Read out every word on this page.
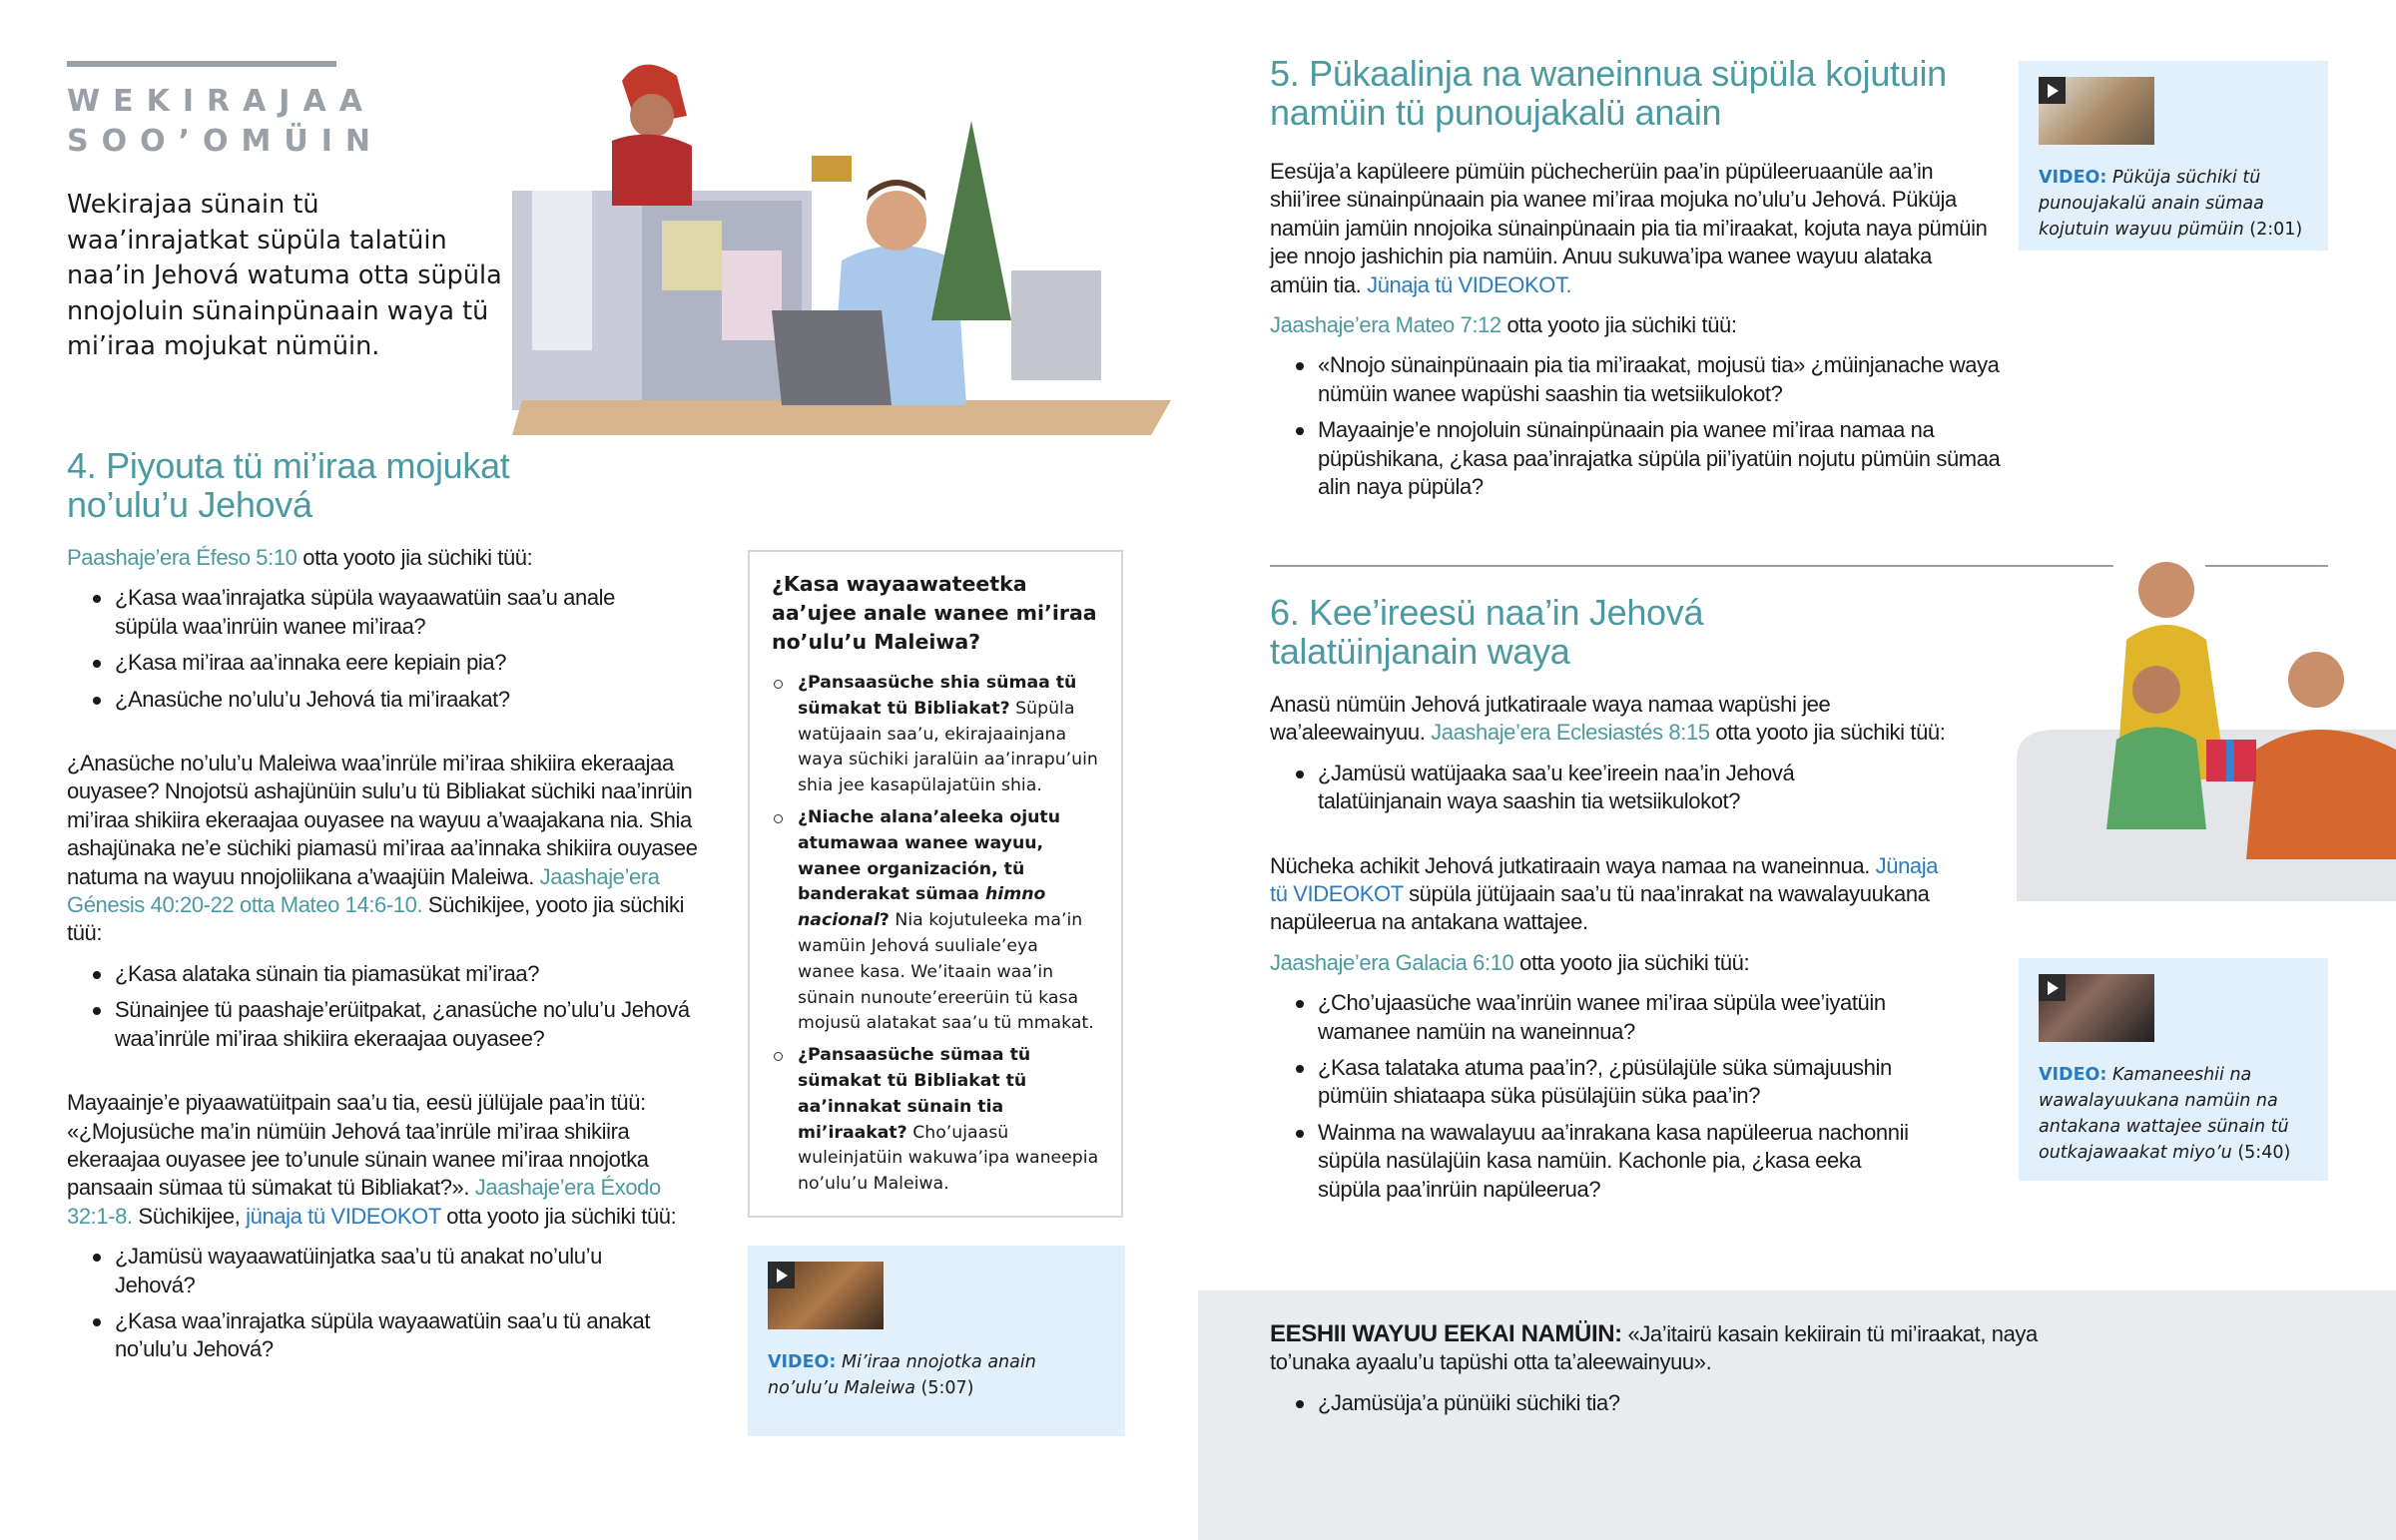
WEKIRAJAA
SOO’OMÜIN
Wekirajaa sünain tü waa’inrajatkat süpüla talatüin naa’in Jehová watuma otta süpüla nnojoluin sünainpünaain waya tü mi’iraa mojukat nümüin.
4. Piyouta tü mi’iraa mojukat no’ulu’u Jehová

Paashaje’era Éfeso 5:10 otta yooto jia süchiki tüü:

¿Kasa waa’inrajatka süpüla wayaawatüin saa’u anale süpüla waa’inrüin wanee mi’iraa?
¿Kasa mi’iraa aa’innaka eere kepiain pia?
¿Anasüche no’ulu’u Jehová tia mi’iraakat?

¿Anasüche no’ulu’u Maleiwa waa’inrüle mi’iraa shikiira ekeraajaa ouyasee? Nnojotsü ashajünüin sulu’u tü Bibliakat süchiki naa’inrüin mi’iraa shikiira ekeraajaa ouyasee na wayuu a’waajakana nia. Shia ashajünaka ne’e süchiki piamasü mi’iraa aa’innaka shikiira ouyasee natuma na wayuu nnojoliikana a’waajüin Maleiwa. Jaashaje’era Génesis 40:20-22 otta Mateo 14:6-10. Süchikijee, yooto jia süchiki tüü:

¿Kasa alataka sünain tia piamasükat mi’iraa?
Sünainjee tü paashaje’erüitpakat, ¿anasüche no’ulu’u Jehová waa’inrüle mi’iraa shikiira ekeraajaa ouyasee?

Mayaainje’e piyaawatüitpain saa’u tia, eesü jülüjale paa’in tüü: «¿Mojusüche ma’in nümüin Jehová taa’inrüle mi’iraa shikiira ekeraajaa ouyasee jee to’unule sünain wanee mi’iraa nnojotka pansaain sümaa tü sümakat tü Bibliakat?». Jaashaje’era Éxodo 32:1-8. Süchikijee, jünaja tü VIDEOKOT otta yooto jia süchiki tüü:

¿Jamüsü wayaawatüinjatka saa’u tü anakat no’ulu’u Jehová?
¿Kasa waa’inrajatka süpüla wayaawatüin saa’u tü anakat no’ulu’u Jehová?
¿Kasa wayaawateetka aa’ujee anale wanee mi’iraa no’ulu’u Maleiwa?
¿Pansaasüche shia sümaa tü sümakat tü Bibliakat? Süpüla watüjaain saa’u, ekirajaainjana waya süchiki jaralüin aa’inrapu’uin shia jee kasapülajatüin shia.
¿Niache alana’aleeka ojutu atumawaa wanee wayuu, wanee organización, tü banderakat sümaa himno nacional? Nia kojutuleeka ma’in wamüin Jehová suuliale’eya wanee kasa. We’itaain waa’in sünain nunoute’ereerüin tü kasa mojusü alatakat saa’u tü mmakat.
¿Pansaasüche sümaa tü sümakat tü Bibliakat tü aa’innakat sünain tia mi’iraakat? Cho’ujaasü wuleinjatüin wakuwa’ipa waneepia no’ulu’u Maleiwa.
VIDEO: Mi’iraa nnojotka anain no’ulu’u Maleiwa (5:07)
5. Pükaalinja na waneinnua süpüla kojutuin namüin tü punoujakalü anain

Eesüja’a kapüleere pümüin püchecherüin paa’in püpüleeruaanüle aa’in shii’iree sünainpünaain pia wanee mi’iraa mojuka no’ulu’u Jehová. Püküja namüin jamüin nnojoika sünainpünaain pia tia mi’iraakat, kojuta naya pümüin jee nnojo jashichin pia namüin. Anuu sukuwa’ipa wanee wayuu alataka amüin tia. Jünaja tü VIDEOKOT.

Jaashaje’era Mateo 7:12 otta yooto jia süchiki tüü:

«Nnojo sünainpünaain pia tia mi’iraakat, mojusü tia» ¿müinjanache waya nümüin wanee wapüshi saashin tia wetsiikulokot?
Mayaainje’e nnojoluin sünainpünaain pia wanee mi’iraa namaa na püpüshikana, ¿kasa paa’inrajatka süpüla pii’iyatüin nojutu pümüin sümaa alin naya püpüla?
VIDEO: Püküja süchiki tü punoujakalü anain sümaa kojutuin wayuu pümüin (2:01)
6. Kee’ireesü naa’in Jehová talatüinjanain waya

Anasü nümüin Jehová jutkatiraale waya namaa wapüshi jee wa’aleewainyuu. Jaashaje’era Eclesiastés 8:15 otta yooto jia süchiki tüü:

¿Jamüsü watüjaaka saa’u kee’ireein naa’in Jehová talatüinjanain waya saashin tia wetsiikulokot?

Nücheka achikit Jehová jutkatiraain waya namaa na waneinnua. Jünaja tü VIDEOKOT süpüla jütüjaain saa’u tü naa’inrakat na wawalayuukana napüleerua na antakana wattajee.

Jaashaje’era Galacia 6:10 otta yooto jia süchiki tüü:

¿Cho’ujaasüche waa’inrüin wanee mi’iraa süpüla wee’iyatüin wamanee namüin na waneinnua?
¿Kasa talataka atuma paa’in?, ¿püsülajüle süka sümajuushin pümüin shiataapa süka püsülajüin süka paa’in?
Wainma na wawalayuu aa’inrakana kasa napüleerua nachonnii süpüla nasülajüin kasa namüin. Kachonle pia, ¿kasa eeka süpüla paa’inrüin napüleerua?
VIDEO: Kamaneeshii na wawalayuukana namüin na antakana wattajee sünain tü outkajawaakat miyo’u (5:40)

EESHII WAYUU EEKAI NAMÜIN: «Ja’itairü kasain kekiirain tü mi’iraakat, naya to’unaka ayaalu’u tapüshi otta ta’aleewainyuu».

¿Jamüsüja’a pünüiki süchiki tia?
